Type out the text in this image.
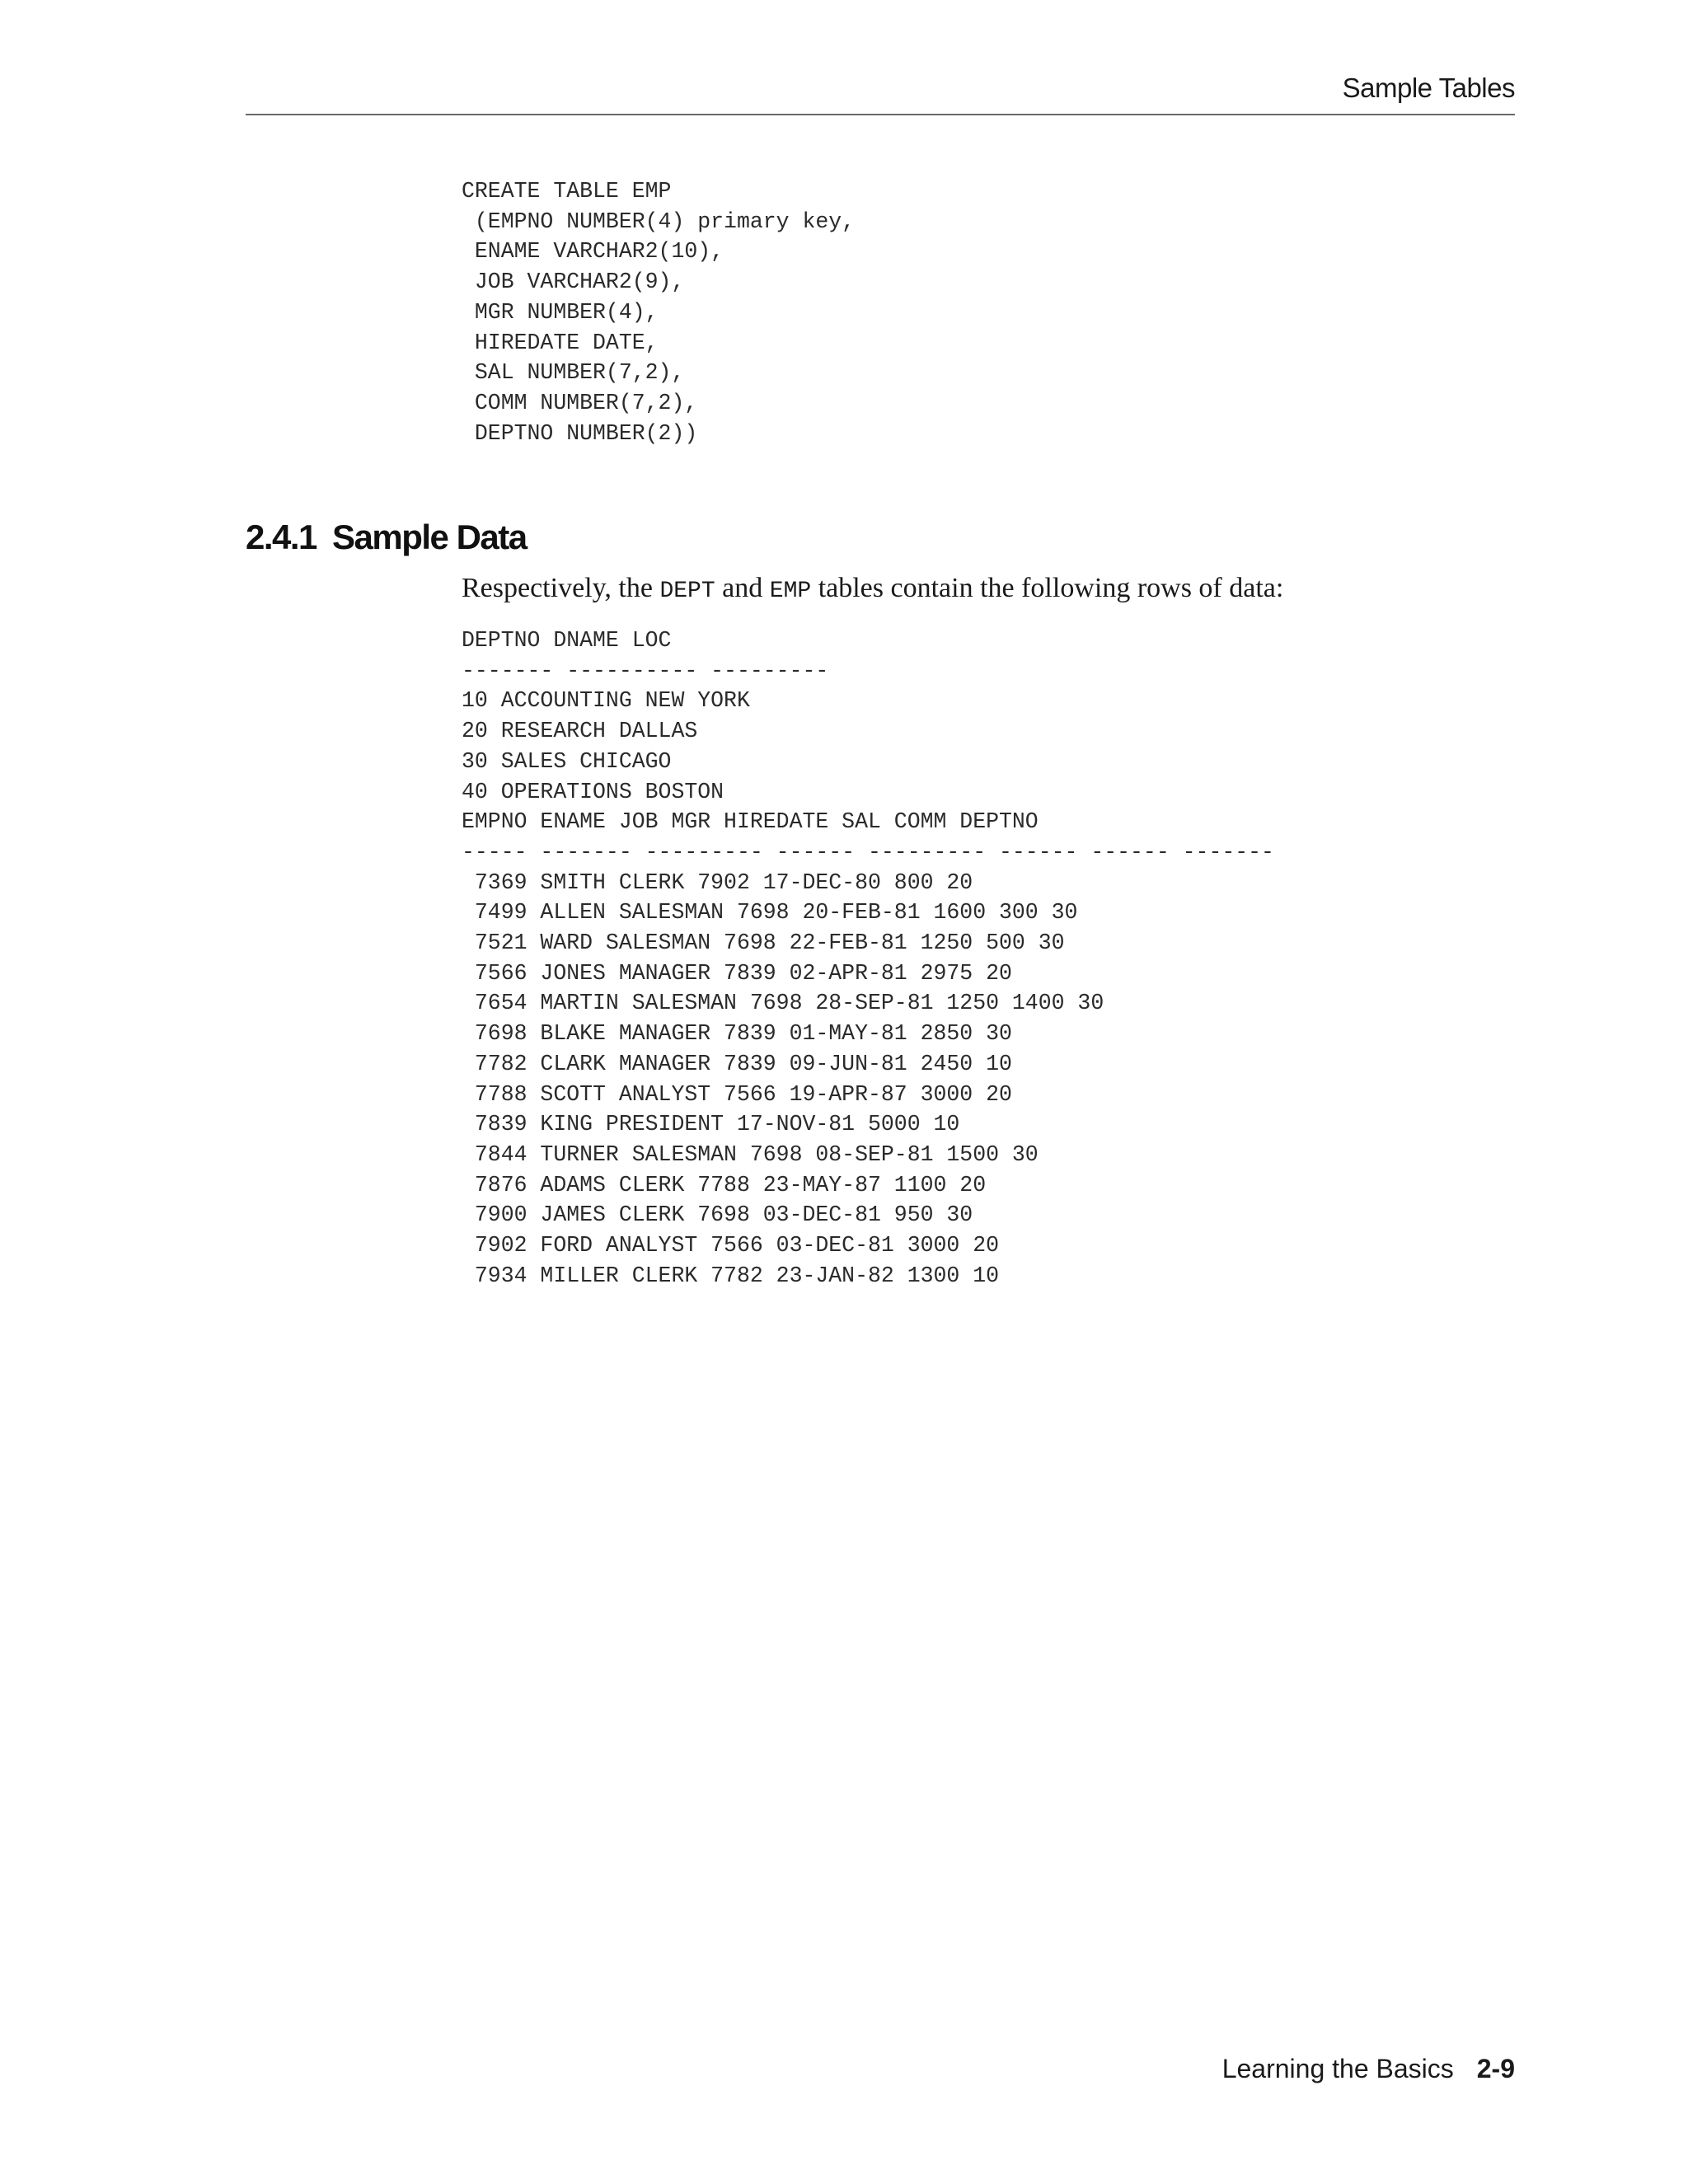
Sample Tables
CREATE TABLE EMP
(EMPNO NUMBER(4) primary key,
ENAME VARCHAR2(10),
JOB VARCHAR2(9),
MGR NUMBER(4),
HIREDATE DATE,
SAL NUMBER(7,2),
COMM NUMBER(7,2),
DEPTNO NUMBER(2))

2.4.1 Sample Data

Respectively, the DEPT and EMP tables contain the following rows of data:

DEPTNO DNAME LOC
------- ---------- ---------
10 ACCOUNTING NEW YORK
20 RESEARCH DALLAS
30 SALES CHICAGO
40 OPERATIONS BOSTON
EMPNO ENAME JOB MGR HIREDATE SAL COMM DEPTNO
----- ------- --------- ------ --------- ------ ------ -------
7369 SMITH CLERK 7902 17-DEC-80 800 20
7499 ALLEN SALESMAN 7698 20-FEB-81 1600 300 30
7521 WARD SALESMAN 7698 22-FEB-81 1250 500 30
7566 JONES MANAGER 7839 02-APR-81 2975 20
7654 MARTIN SALESMAN 7698 28-SEP-81 1250 1400 30
7698 BLAKE MANAGER 7839 01-MAY-81 2850 30
7782 CLARK MANAGER 7839 09-JUN-81 2450 10
7788 SCOTT ANALYST 7566 19-APR-87 3000 20
7839 KING PRESIDENT 17-NOV-81 5000 10
7844 TURNER SALESMAN 7698 08-SEP-81 1500 30
7876 ADAMS CLERK 7788 23-MAY-87 1100 20
7900 JAMES CLERK 7698 03-DEC-81 950 30
7902 FORD ANALYST 7566 03-DEC-81 3000 20
7934 MILLER CLERK 7782 23-JAN-82 1300 10

Learning the Basics 2-9
